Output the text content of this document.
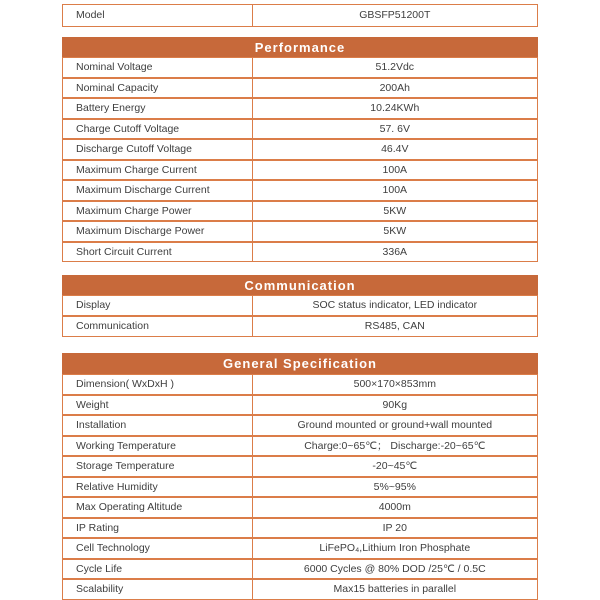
Model	GBSFP51200T
Performance
Nominal Voltage	51.2Vdc
Nominal Capacity	200Ah
Battery Energy	10.24KWh
Charge Cutoff Voltage	57. 6V
Discharge Cutoff Voltage	46.4V
Maximum Charge Current	100A
Maximum Discharge Current	100A
Maximum Charge Power	5KW
Maximum Discharge Power	5KW
Short Circuit Current	336A
Communication
Display	SOC status indicator, LED indicator
Communication	RS485, CAN
General Specification
Dimension( WxDxH )	500×170×853mm
Weight	90Kg
Installation	Ground mounted or ground+wall mounted
Working Temperature	Charge:0~65℃； Discharge:-20~65℃
Storage Temperature	-20~45℃
Relative Humidity	5%~95%
Max Operating Altitude	4000m
IP Rating	IP 20
Cell Technology	LiFePO₄,Lithium Iron Phosphate
Cycle Life	6000 Cycles @ 80% DOD /25℃ / 0.5C
Scalability	Max15 batteries in parallel
